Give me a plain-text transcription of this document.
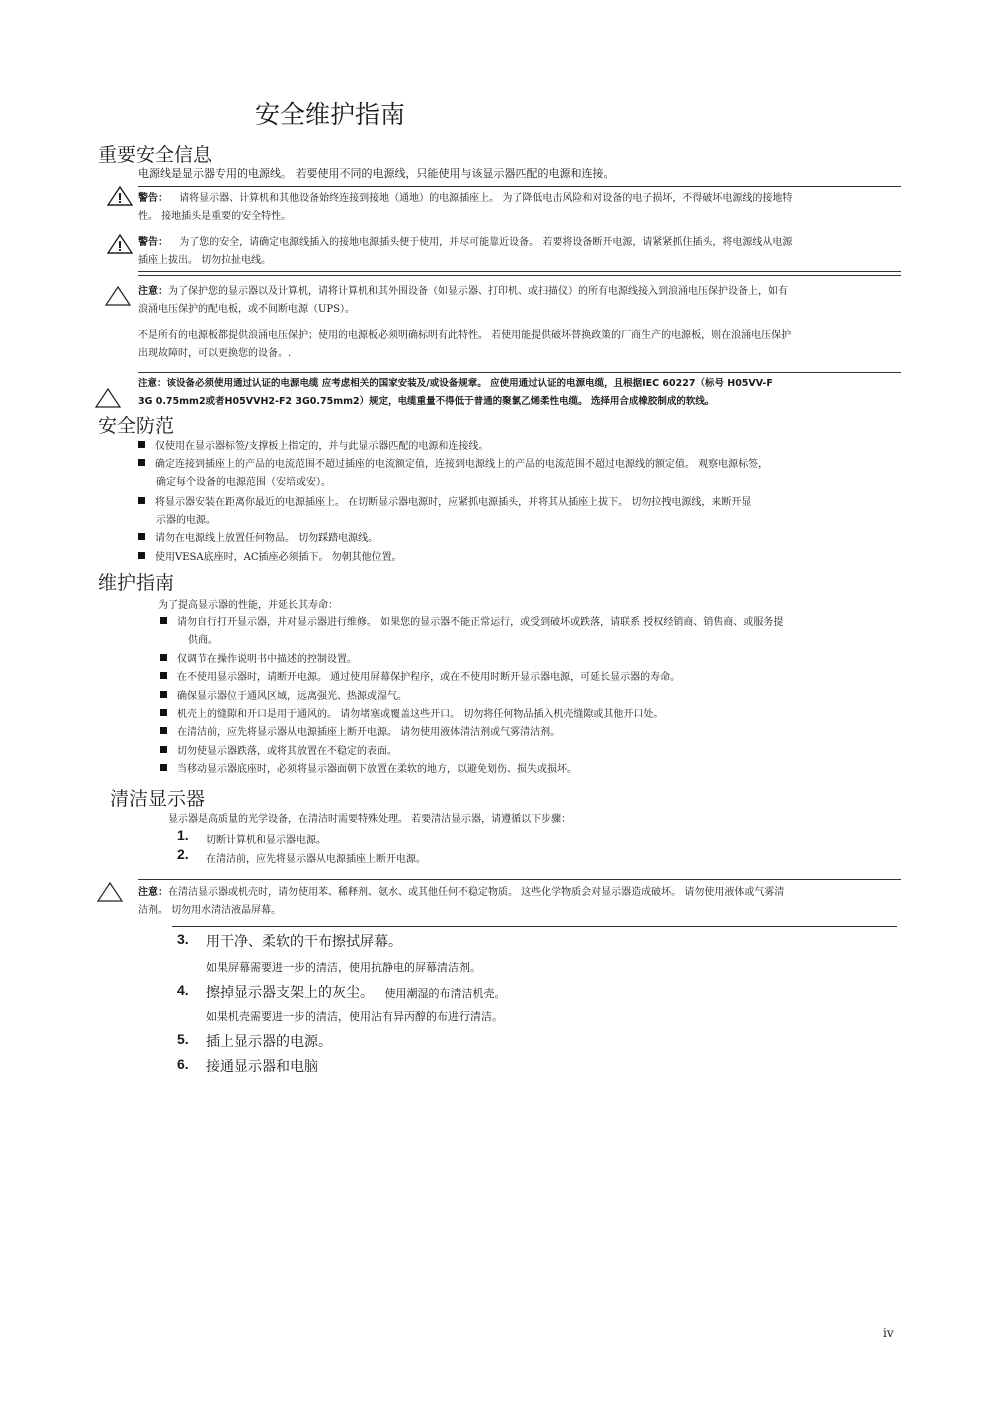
安全维护指南
重要安全信息
电源线是显示器专用的电源线。 若要使用不同的电源线，只能使用与该显示器匹配的电源和连接。
警告： 请将显示器、计算机和其他设备始终连接到接地（通地）的电源插座上。 为了降低电击风险和对设备的电子损坏，不得破坏电源线的接地特
性。 接地插头是重要的安全特性。
警告： 为了您的安全，请确定电源线插入的接地电源插头便于使用，并尽可能靠近设备。 若要将设备断开电源，请紧紧抓住插头，将电源线从电源
插座上拔出。 切勿拉扯电线。
注意：为了保护您的显示器以及计算机，请将计算机和其外围设备（如显示器、打印机、或扫描仪）的所有电源线接入到浪涌电压保护设备上，如有
浪涌电压保护的配电板，或不间断电源（UPS）。
不是所有的电源板都提供浪涌电压保护；使用的电源板必须明确标明有此特性。 若使用能提供破坏替换政策的厂商生产的电源板，则在浪涌电压保护
出现故障时，可以更换您的设备。.
注意：该设备必须使用通过认证的电源电缆 应考虑相关的国家安装及/或设备规章。 应使用通过认证的电源电缆，且根据IEC 60227（标号 H05VV-F
3G 0.75mm2或者H05VVH2-F2 3G0.75mm2）规定，电缆重量不得低于普通的聚氯乙烯柔性电缆。 选择用合成橡胶制成的软线。
安全防范
仅使用在显示器标签/支撑板上指定的，并与此显示器匹配的电源和连接线。
确定连接到插座上的产品的电流范围不超过插座的电流额定值，连接到电源线上的产品的电流范围不超过电源线的额定值。 观察电源标签，
确定每个设备的电源范围（安培或安）。
将显示器安装在距离你最近的电源插座上。 在切断显示器电源时，应紧抓电源插头，并将其从插座上拔下。 切勿拉拽电源线，来断开显
示器的电源。
请勿在电源线上放置任何物品。 切勿踩踏电源线。
使用VESA底座时，AC插座必须插下。 勿朝其他位置。
维护指南
为了提高显示器的性能，并延长其寿命：
请勿自行打开显示器，并对显示器进行维修。 如果您的显示器不能正常运行，或受到破坏或跌落，请联系 授权经销商、销售商、或服务提
供商。
仅调节在操作说明书中描述的控制设置。
在不使用显示器时，请断开电源。 通过使用屏幕保护程序，或在不使用时断开显示器电源，可延长显示器的寿命。
确保显示器位于通风区域，远离强光、热源或湿气。
机壳上的缝隙和开口是用于通风的。 请勿堵塞或覆盖这些开口。 切勿将任何物品插入机壳缝隙或其他开口处。
在清洁前，应先将显示器从电源插座上断开电源。 请勿使用液体清洁剂或气雾清洁剂。
切勿使显示器跌落，或将其放置在不稳定的表面。
当移动显示器底座时，必须将显示器面朝下放置在柔软的地方，以避免划伤、损失或损坏。
清洁显示器
显示器是高质量的光学设备，在清洁时需要特殊处理。 若要清洁显示器，请遵循以下步骤：
1. 切断计算机和显示器电源。
2. 在清洁前，应先将显示器从电源插座上断开电源。
注意：在清洁显示器或机壳时，请勿使用苯、稀释剂、氨水、或其他任何不稳定物质。 这些化学物质会对显示器造成破坏。 请勿使用液体或气雾清
洁剂。 切勿用水清洁液晶屏幕。
3. 用干净、柔软的干布擦拭屏幕。
如果屏幕需要进一步的清洁，使用抗静电的屏幕清洁剂。
4. 擦掉显示器支架上的灰尘。 使用潮湿的布清洁机壳。
如果机壳需要进一步的清洁，使用沾有异丙醇的布进行清洁。
5. 插上显示器的电源。
6. 接通显示器和电脑
iv
